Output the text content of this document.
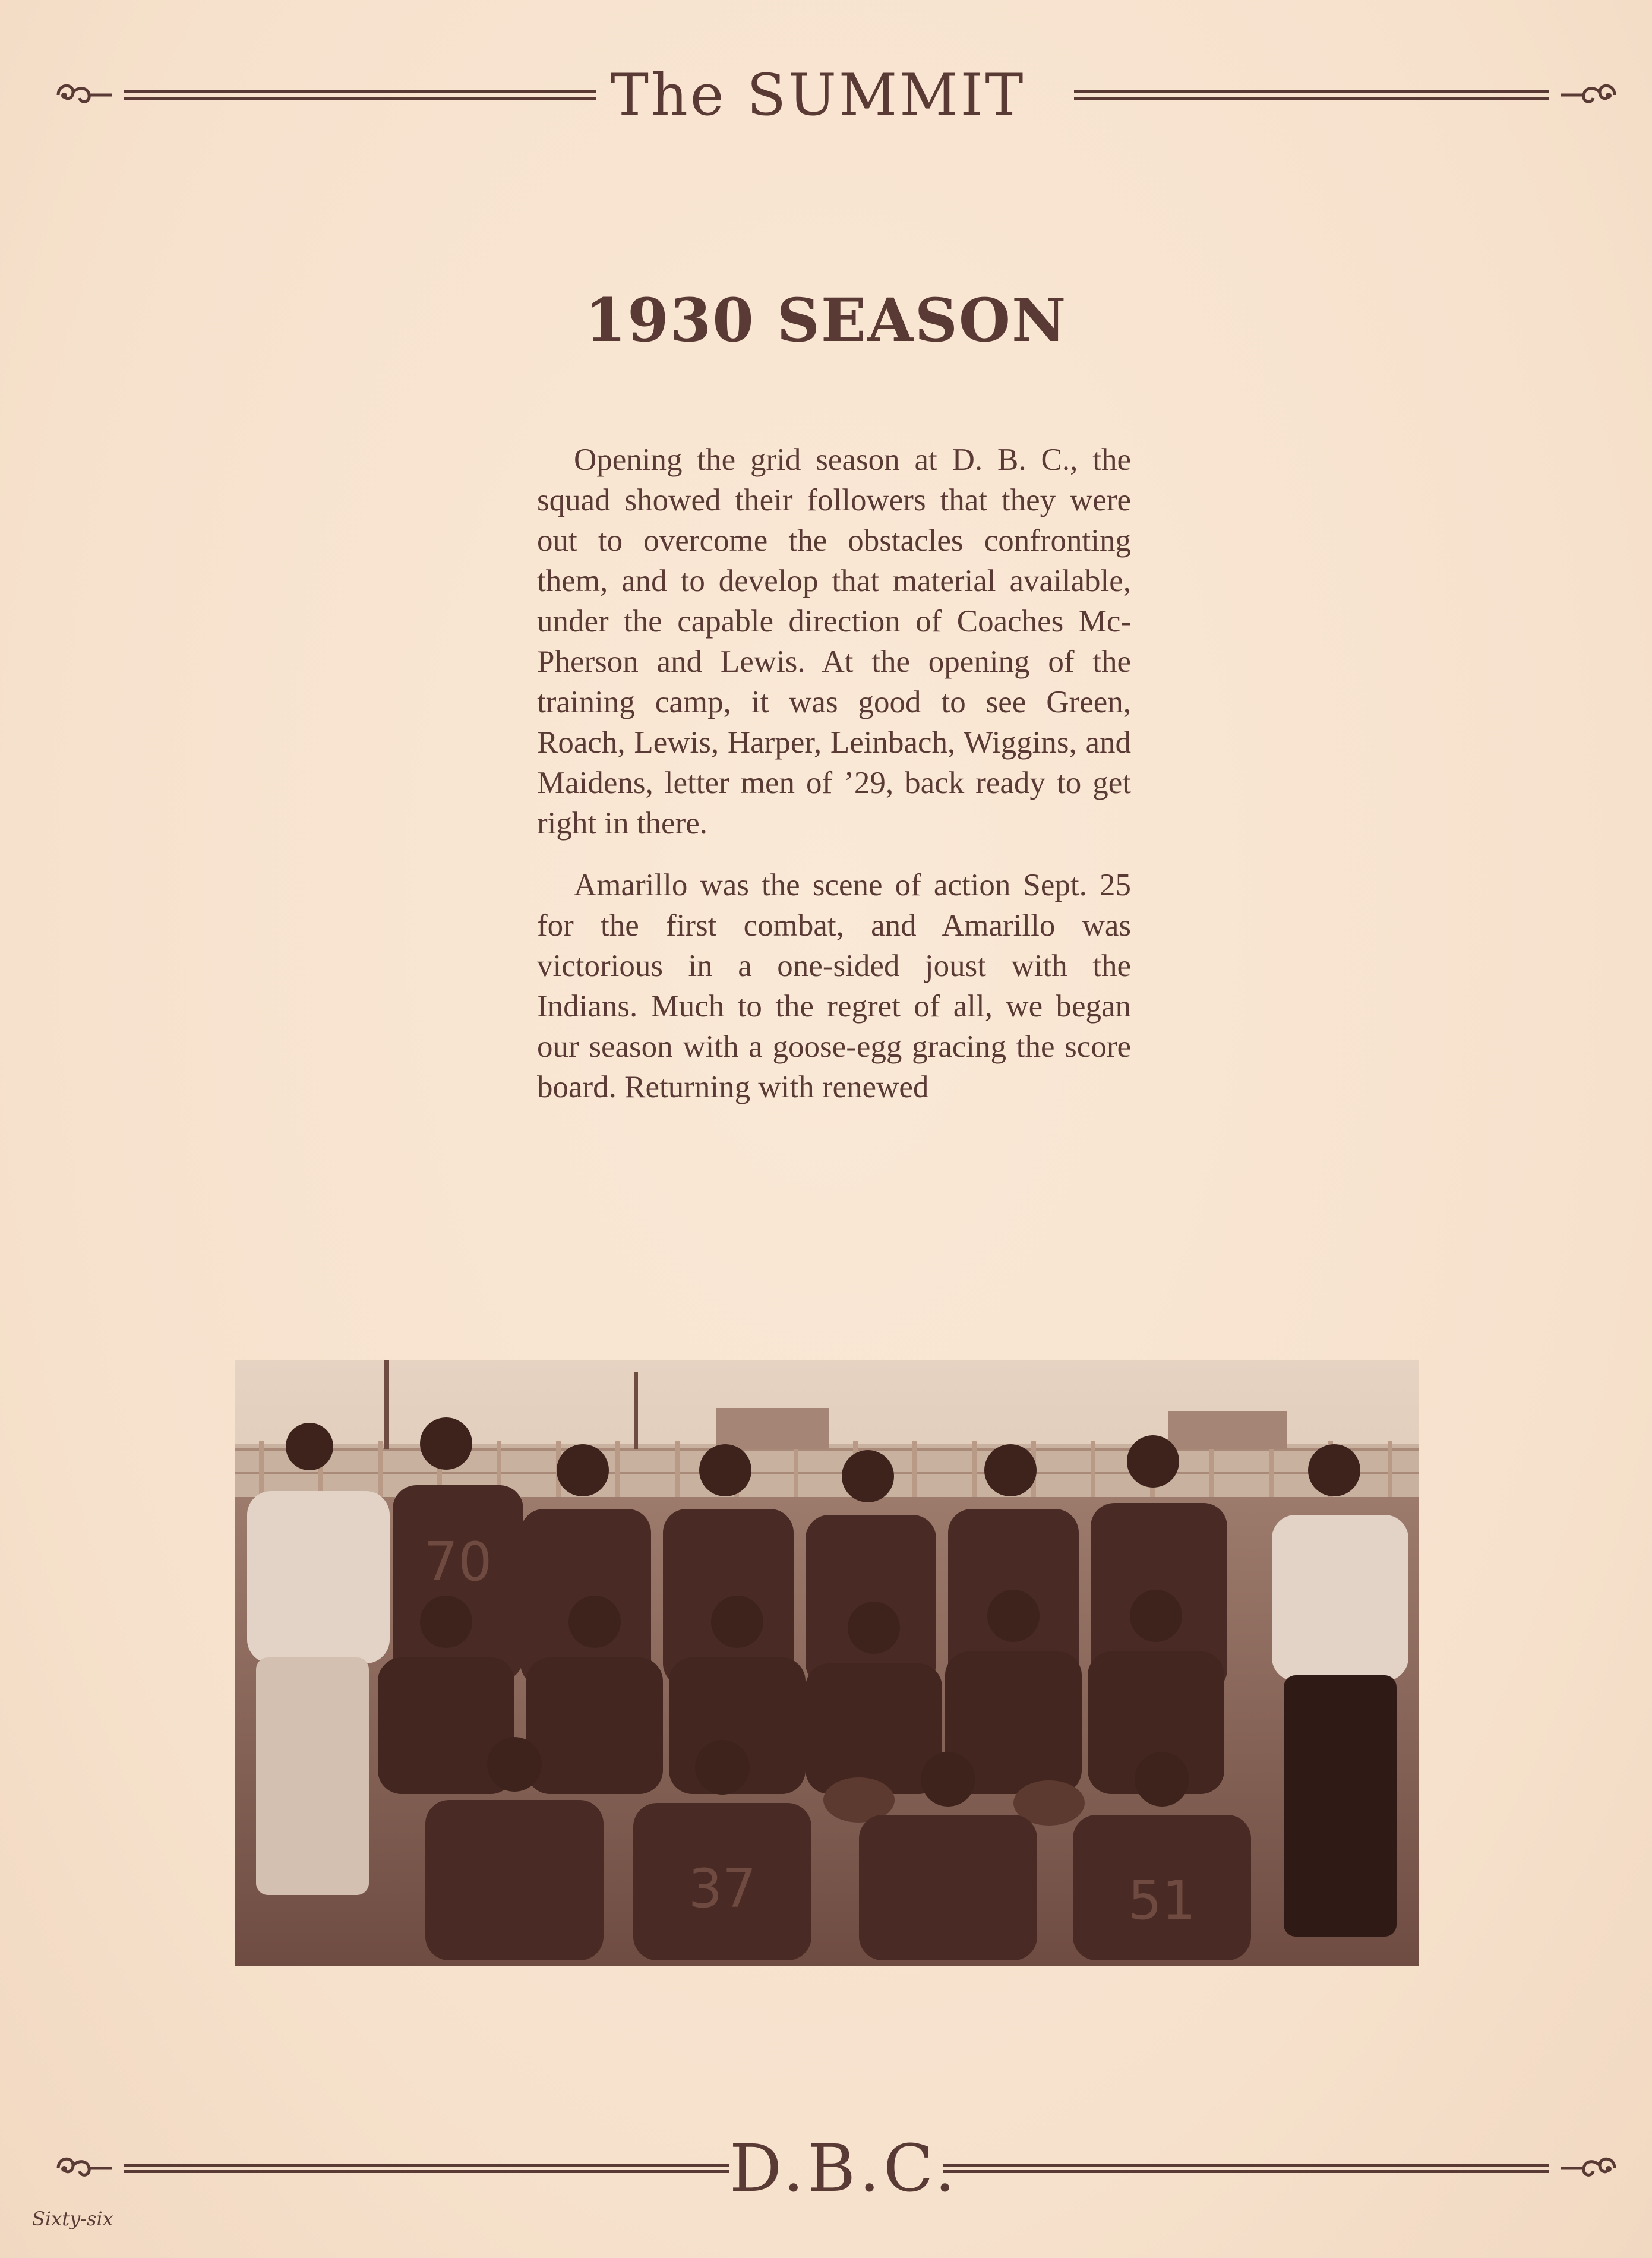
The SUMMIT
1930 SEASON

Opening the grid season at D. B. C., the squad showed their followers that they were out to overcome the obstacles confronting them, and to develop that material available, under the capable direction of Coaches McPherson and Lewis. At the opening of the training camp, it was good to see Green, Roach, Lewis, Harper, Leinbach, Wiggins, and Maidens, letter men of ’29, back ready to get right in there.

Amarillo was the scene of action Sept. 25 for the first combat, and Amarillo was victorious in a one-sided joust with the Indians. Much to the regret of all, we began our season with a goose-egg gracing the score board. Returning with renewed

70
37	51
D.B.C.
Sixty-six
